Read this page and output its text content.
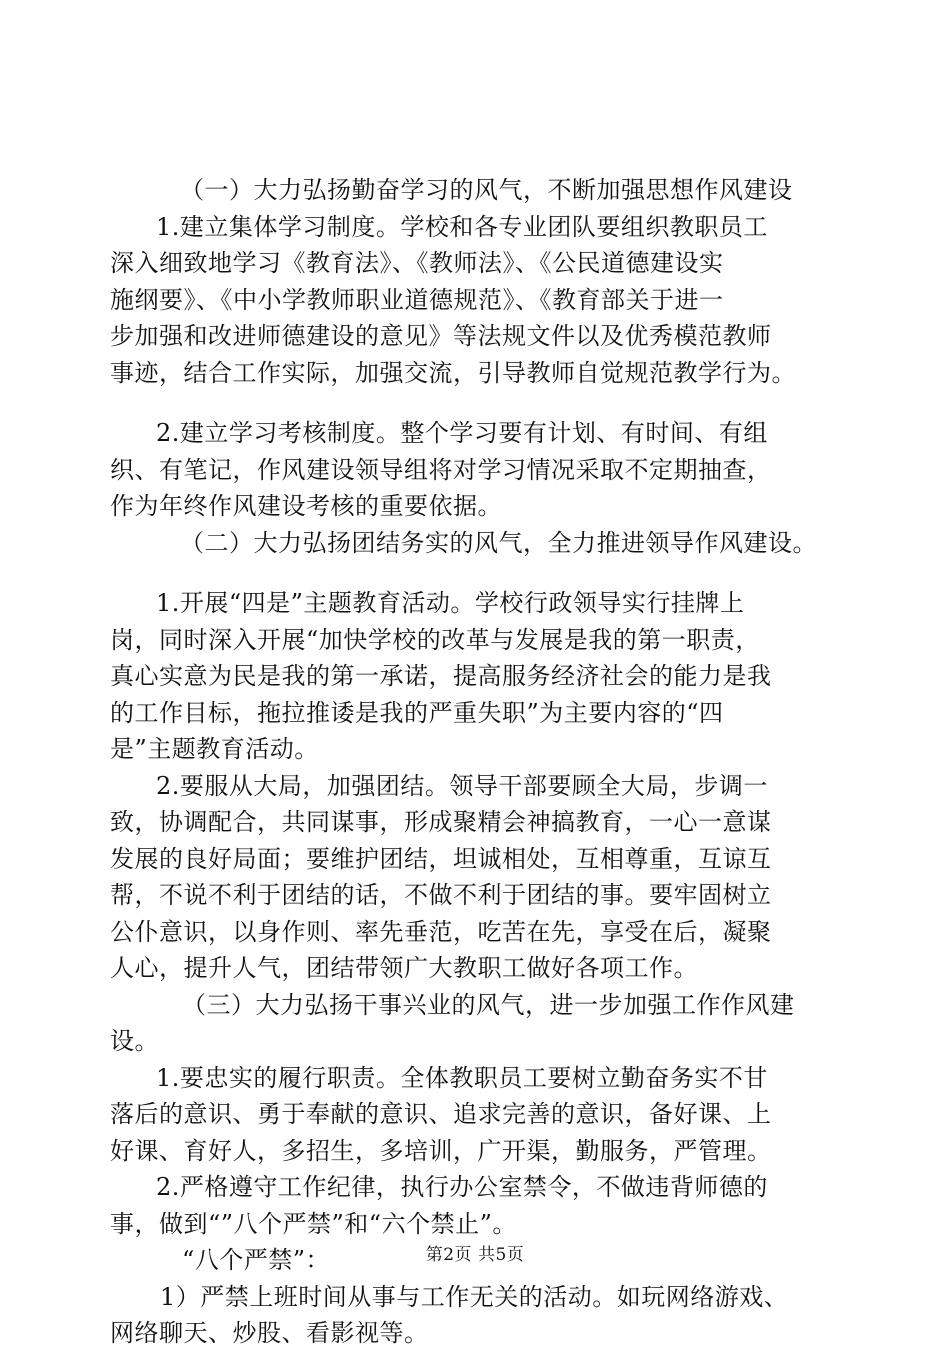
（一）大力弘扬勤奋学习的风气，不断加强思想作风建设
1.建立集体学习制度。学校和各专业团队要组织教职员工
深入细致地学习《教育法》、《教师法》、《公民道德建设实
施纲要》、《中小学教师职业道德规范》、《教育部关于进一
步加强和改进师德建设的意见》等法规文件以及优秀模范教师
事迹，结合工作实际，加强交流，引导教师自觉规范教学行为。
2.建立学习考核制度。整个学习要有计划、有时间、有组
织、有笔记，作风建设领导组将对学习情况采取不定期抽查，
作为年终作风建设考核的重要依据。
（二）大力弘扬团结务实的风气，全力推进领导作风建设。
1.开展“四是”主题教育活动。学校行政领导实行挂牌上
岗，同时深入开展“加快学校的改革与发展是我的第一职责，
真心实意为民是我的第一承诺，提高服务经济社会的能力是我
的工作目标，拖拉推诿是我的严重失职”为主要内容的“四
是”主题教育活动。
2.要服从大局，加强团结。领导干部要顾全大局，步调一
致，协调配合，共同谋事，形成聚精会神搞教育，一心一意谋
发展的良好局面；要维护团结，坦诚相处，互相尊重，互谅互
帮，不说不利于团结的话，不做不利于团结的事。要牢固树立
公仆意识，以身作则、率先垂范，吃苦在先，享受在后，凝聚
人心，提升人气，团结带领广大教职工做好各项工作。
（三）大力弘扬干事兴业的风气，进一步加强工作作风建
设。
1.要忠实的履行职责。全体教职员工要树立勤奋务实不甘
落后的意识、勇于奉献的意识、追求完善的意识，备好课、上
好课、育好人，多招生，多培训，广开渠，勤服务，严管理。
2.严格遵守工作纪律，执行办公室禁令，不做违背师德的
事，做到“”八个严禁”和“六个禁止”。
“八个严禁”：
1）严禁上班时间从事与工作无关的活动。如玩网络游戏、
网络聊天、炒股、看影视等。
第2页 共5页
